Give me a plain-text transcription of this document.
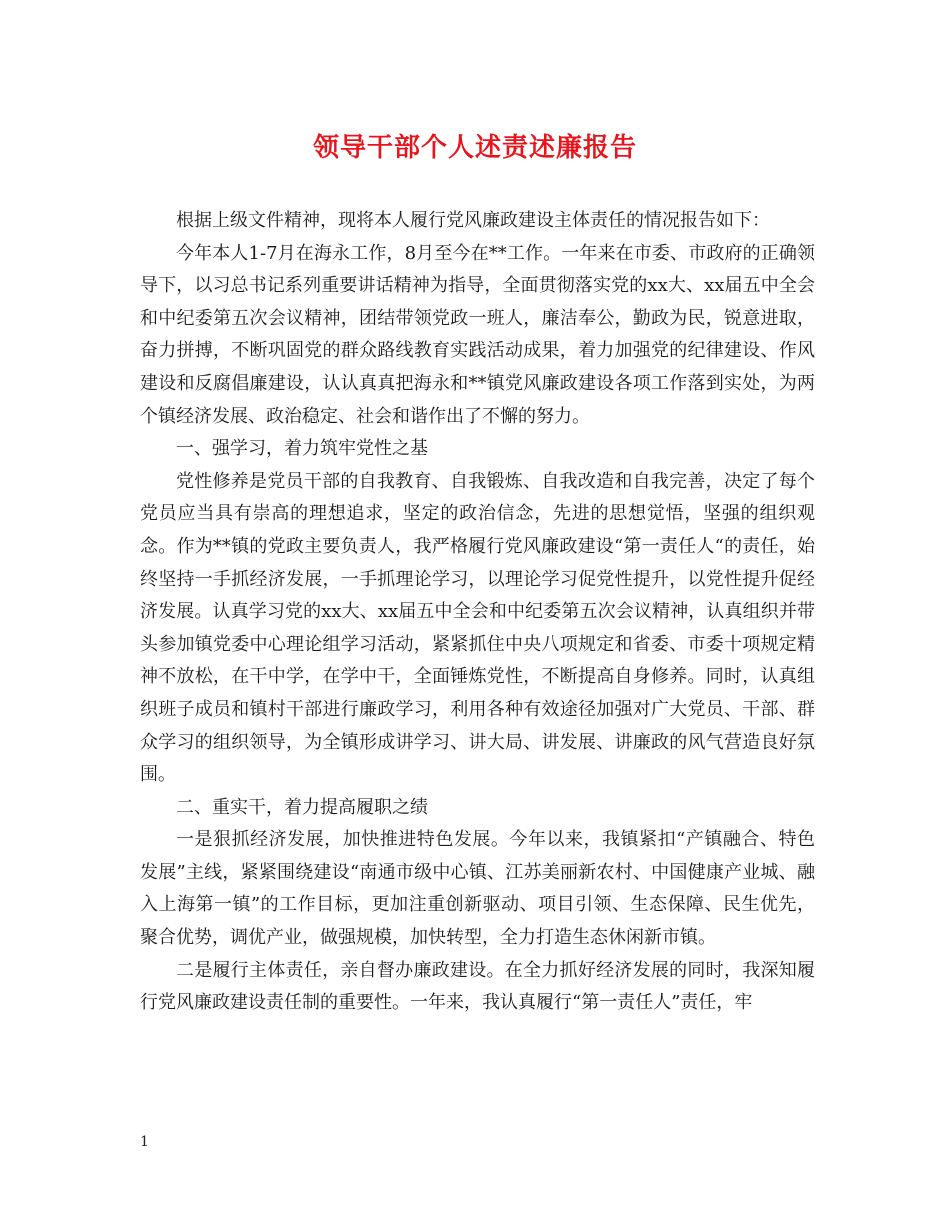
领导干部个人述责述廉报告

根据上级文件精神，现将本人履行党风廉政建设主体责任的情况报告如下：

今年本人1-7月在海永工作，8月至今在**工作。一年来在市委、市政府的正确领导下，以习总书记系列重要讲话精神为指导，全面贯彻落实党的xx大、xx届五中全会和中纪委第五次会议精神，团结带领党政一班人，廉洁奉公，勤政为民，锐意进取，奋力拼搏，不断巩固党的群众路线教育实践活动成果，着力加强党的纪律建设、作风建设和反腐倡廉建设，认认真真把海永和**镇党风廉政建设各项工作落到实处，为两个镇经济发展、政治稳定、社会和谐作出了不懈的努力。

一、强学习，着力筑牢党性之基

党性修养是党员干部的自我教育、自我锻炼、自我改造和自我完善，决定了每个党员应当具有崇高的理想追求，坚定的政治信念，先进的思想觉悟，坚强的组织观念。作为**镇的党政主要负责人，我严格履行党风廉政建设“第一责任人“的责任，始终坚持一手抓经济发展，一手抓理论学习，以理论学习促党性提升，以党性提升促经济发展。认真学习党的xx大、xx届五中全会和中纪委第五次会议精神，认真组织并带头参加镇党委中心理论组学习活动，紧紧抓住中央八项规定和省委、市委十项规定精神不放松，在干中学，在学中干，全面锤炼党性，不断提高自身修养。同时，认真组织班子成员和镇村干部进行廉政学习，利用各种有效途径加强对广大党员、干部、群众学习的组织领导，为全镇形成讲学习、讲大局、讲发展、讲廉政的风气营造良好氛围。

二、重实干，着力提高履职之绩

一是狠抓经济发展，加快推进特色发展。今年以来，我镇紧扣“产镇融合、特色发展”主线，紧紧围绕建设“南通市级中心镇、江苏美丽新农村、中国健康产业城、融入上海第一镇”的工作目标，更加注重创新驱动、项目引领、生态保障、民生优先，聚合优势，调优产业，做强规模，加快转型，全力打造生态休闲新市镇。

二是履行主体责任，亲自督办廉政建设。在全力抓好经济发展的同时，我深知履行党风廉政建设责任制的重要性。一年来，我认真履行“第一责任人”责任，牢

1
